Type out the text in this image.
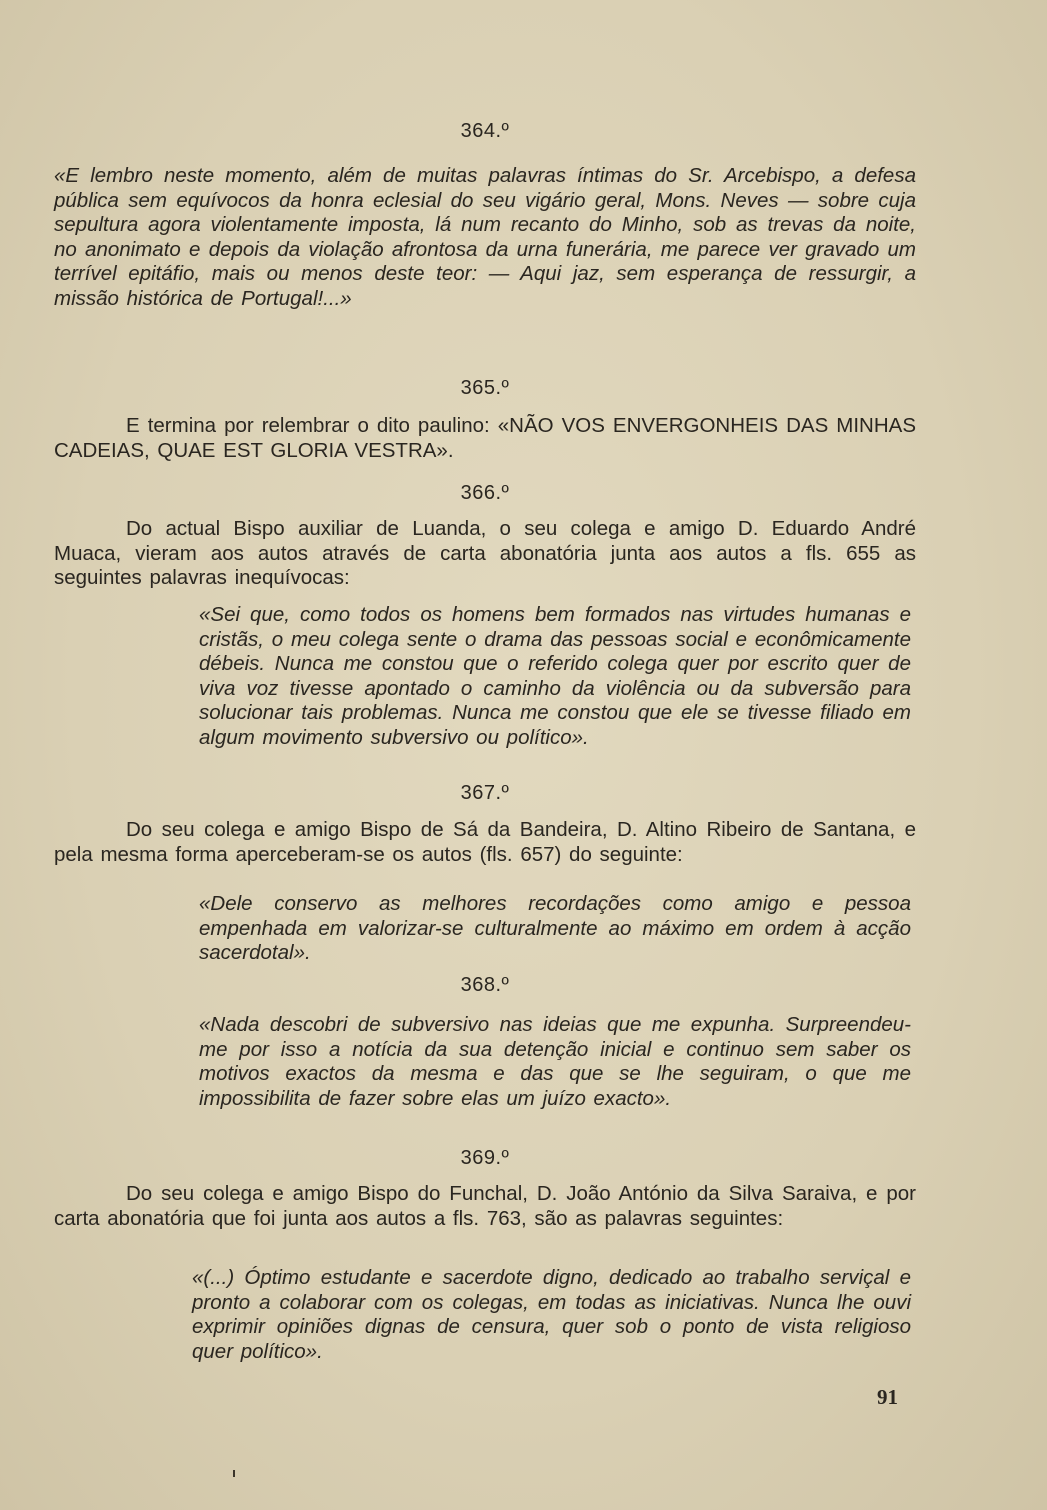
364.º

«E lembro neste momento, além de muitas palavras íntimas do Sr. Arcebispo, a defesa pública sem equívocos da honra eclesial do seu vigário geral, Mons. Neves — sobre cuja sepultura agora violentamente imposta, lá num recanto do Minho, sob as trevas da noite, no anonimato e depois da violação afrontosa da urna funerária, me parece ver gravado um terrível epitáfio, mais ou menos deste teor: — Aqui jaz, sem esperança de ressurgir, a missão histórica de Portugal!...»

365.º

E termina por relembrar o dito paulino: «NÃO VOS ENVERGONHEIS DAS MINHAS CADEIAS, QUAE EST GLORIA VESTRA».

366.º

Do actual Bispo auxiliar de Luanda, o seu colega e amigo D. Eduardo André Muaca, vieram aos autos através de carta abonatória junta aos autos a fls. 655 as seguintes palavras inequívocas:

«Sei que, como todos os homens bem formados nas virtudes humanas e cristãs, o meu colega sente o drama das pessoas social e econômicamente débeis. Nunca me constou que o referido colega quer por escrito quer de viva voz tivesse apontado o caminho da violência ou da subversão para solucionar tais problemas. Nunca me constou que ele se tivesse filiado em algum movimento subversivo ou político».

367.º

Do seu colega e amigo Bispo de Sá da Bandeira, D. Altino Ribeiro de Santana, e pela mesma forma aperceberam-se os autos (fls. 657) do seguinte:

«Dele conservo as melhores recordações como amigo e pessoa empenhada em valorizar-se culturalmente ao máximo em ordem à acção sacerdotal».

368.º

«Nada descobri de subversivo nas ideias que me expunha. Surpreendeu-me por isso a notícia da sua detenção inicial e continuo sem saber os motivos exactos da mesma e das que se lhe seguiram, o que me impossibilita de fazer sobre elas um juízo exacto».

369.º

Do seu colega e amigo Bispo do Funchal, D. João António da Silva Saraiva, e por carta abonatória que foi junta aos autos a fls. 763, são as palavras seguintes:

«(...) Óptimo estudante e sacerdote digno, dedicado ao trabalho serviçal e pronto a colaborar com os colegas, em todas as iniciativas. Nunca lhe ouvi exprimir opiniões dignas de censura, quer sob o ponto de vista religioso quer político».

91
